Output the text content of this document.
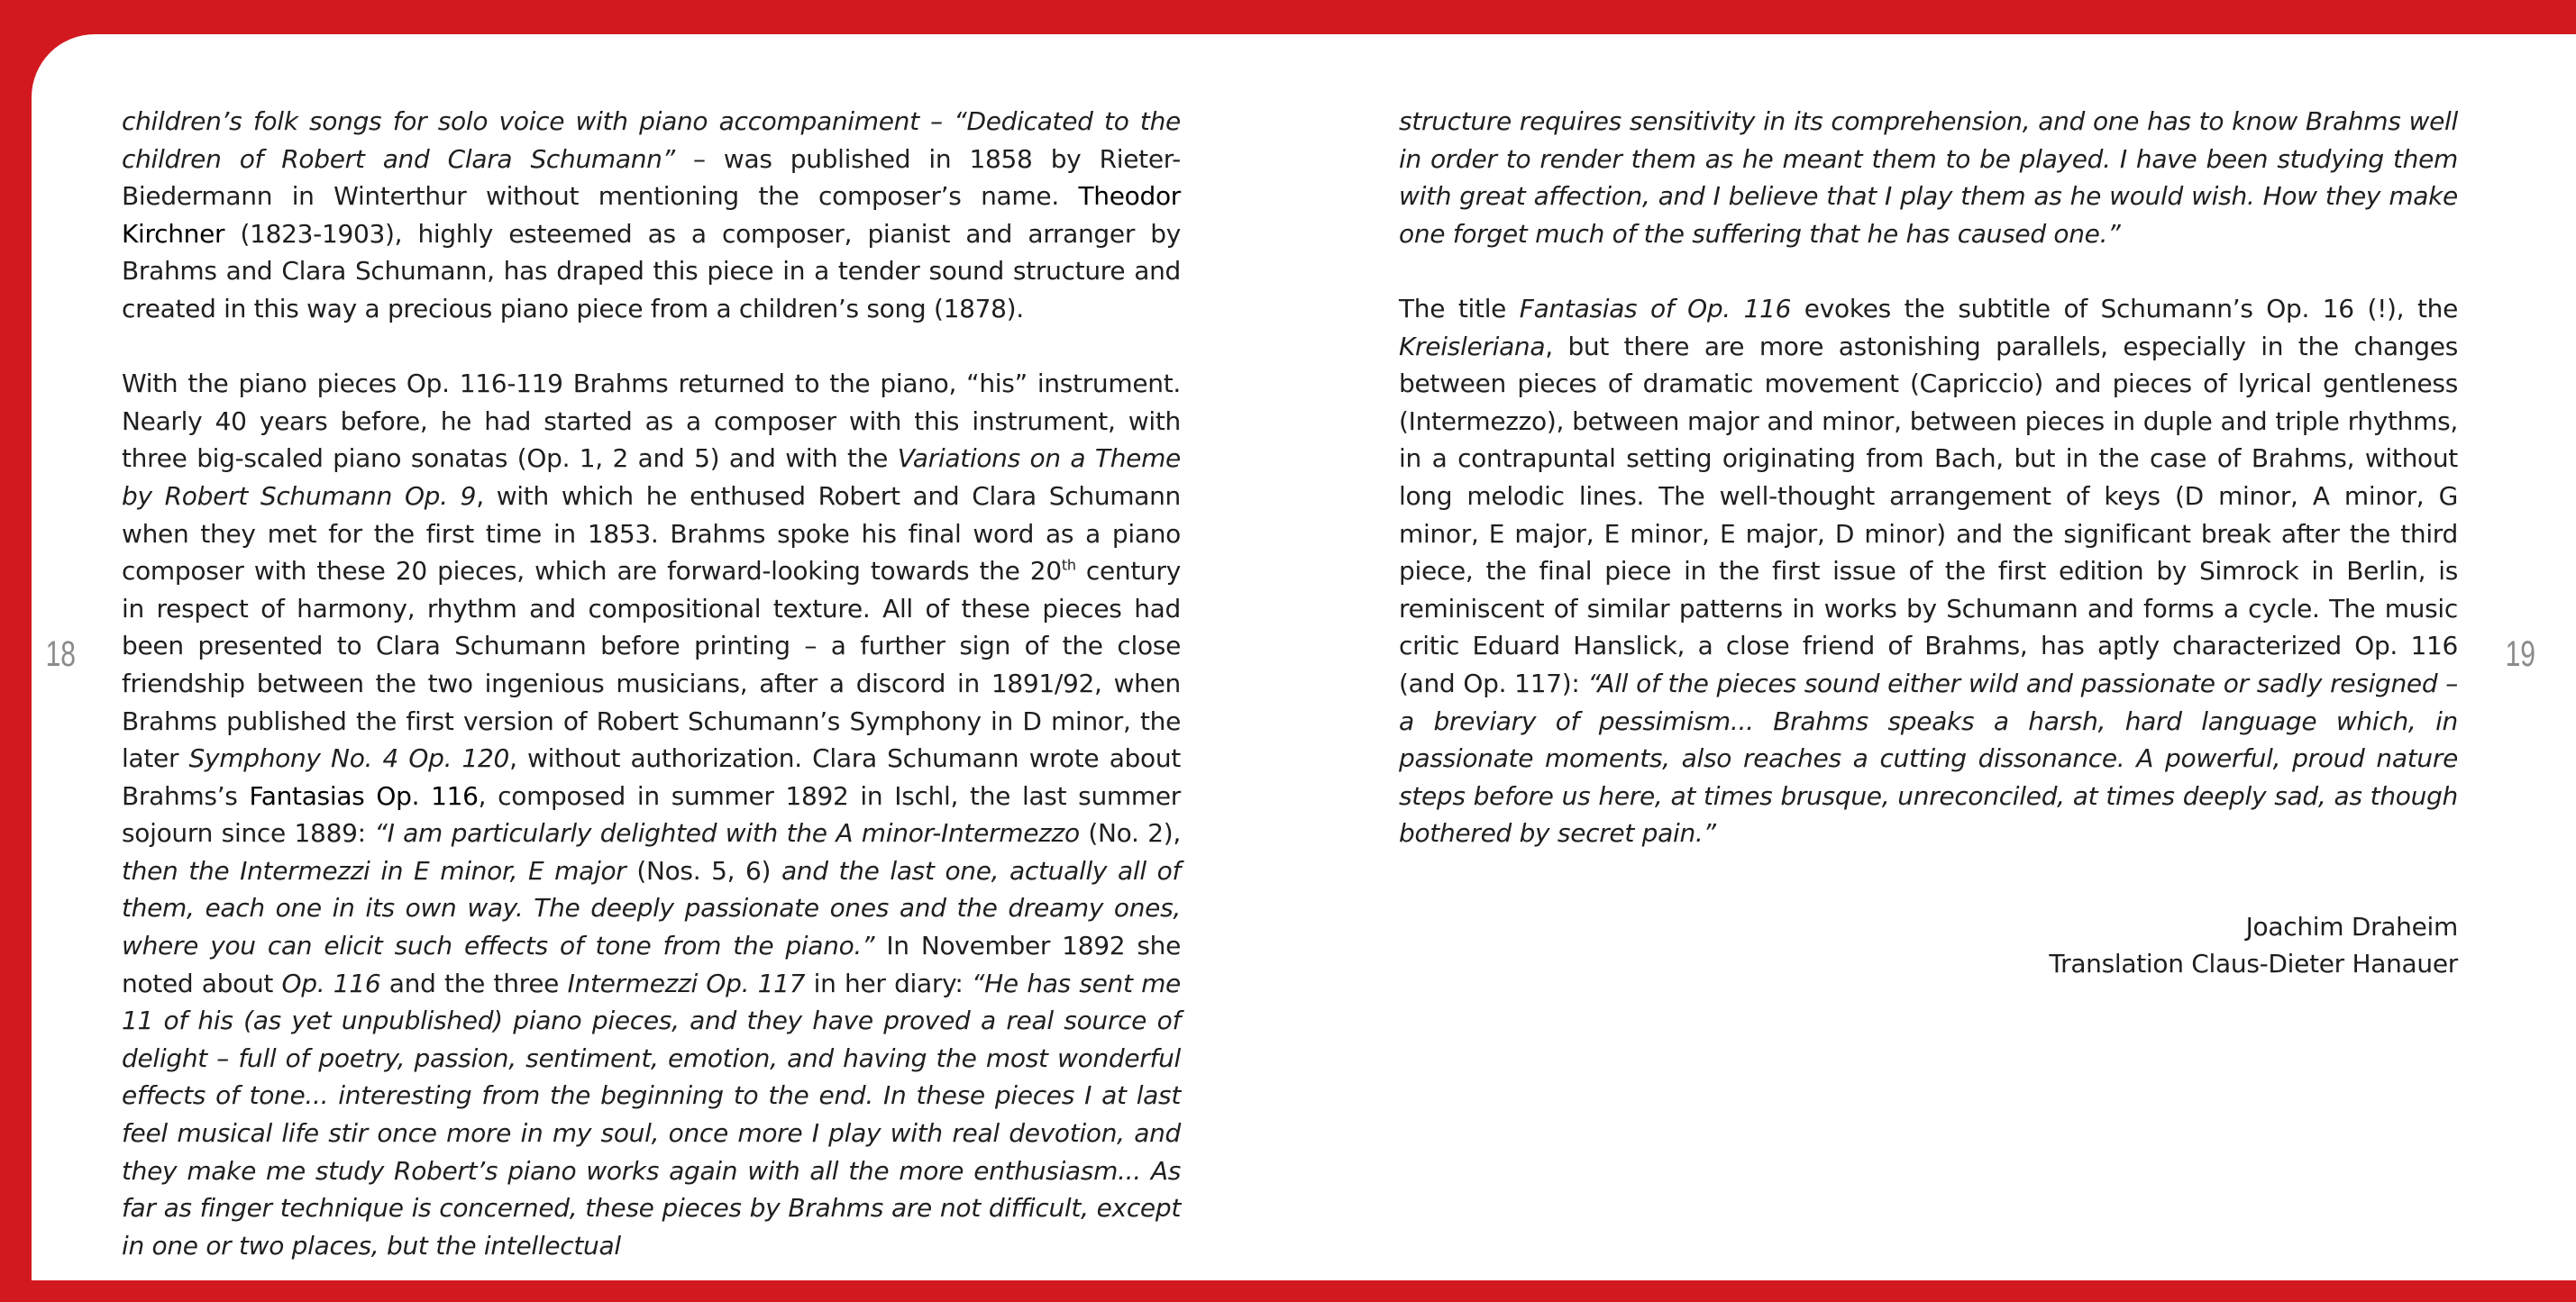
18	19

children’s folk songs for solo voice with piano accompaniment – “Dedicated to the children of Robert and Clara Schumann” – was published in 1858 by Rieter-Biedermann in Winterthur without mentioning the composer’s name. Theodor Kirchner (1823-1903), highly esteemed as a composer, pianist and arranger by Brahms and Clara Schumann, has draped this piece in a tender sound structure and created in this way a precious piano piece from a children’s song (1878).

With the piano pieces Op. 116-119 Brahms returned to the piano, “his” instrument. Nearly 40 years before, he had started as a composer with this instrument, with three big-scaled piano sonatas (Op. 1, 2 and 5) and with the Variations on a Theme by Robert Schumann Op. 9, with which he enthused Robert and Clara Schumann when they met for the first time in 1853. Brahms spoke his final word as a piano composer with these 20 pieces, which are forward-looking towards the 20th century in respect of harmony, rhythm and compositional texture. All of these pieces had been presented to Clara Schumann before printing – a further sign of the close friendship between the two ingenious musicians, after a discord in 1891/92, when Brahms published the first version of Robert Schumann’s Symphony in D minor, the later Symphony No. 4 Op. 120, without authorization. Clara Schumann wrote about Brahms’s Fantasias Op. 116, composed in summer 1892 in Ischl, the last summer sojourn since 1889: “I am particularly delighted with the A minor-Intermezzo (No. 2), then the Intermezzi in E minor, E major (Nos. 5, 6) and the last one, actually all of them, each one in its own way. The deeply passionate ones and the dreamy ones, where you can elicit such effects of tone from the piano.” In November 1892 she noted about Op. 116 and the three Intermezzi Op. 117 in her diary: “He has sent me 11 of his (as yet unpublished) piano pieces, and they have proved a real source of delight – full of poetry, passion, sentiment, emotion, and having the most wonderful effects of tone... interesting from the beginning to the end. In these pieces I at last feel musical life stir once more in my soul, once more I play with real devotion, and they make me study Robert’s piano works again with all the more enthusiasm... As far as finger technique is concerned, these pieces by Brahms are not difficult, except in one or two places, but the intellectual

structure requires sensitivity in its comprehension, and one has to know Brahms well in order to render them as he meant them to be played. I have been studying them with great affection, and I believe that I play them as he would wish. How they make one forget much of the suffering that he has caused one.”

The title Fantasias of Op. 116 evokes the subtitle of Schumann’s Op. 16 (!), the Kreisleriana, but there are more astonishing parallels, especially in the changes between pieces of dramatic movement (Capriccio) and pieces of lyrical gentleness (Intermezzo), between major and minor, between pieces in duple and triple rhythms, in a contrapuntal setting originating from Bach, but in the case of Brahms, without long melodic lines. The well-thought arrangement of keys (D minor, A minor, G minor, E major, E minor, E major, D minor) and the significant break after the third piece, the final piece in the first issue of the first edition by Simrock in Berlin, is reminiscent of similar patterns in works by Schumann and forms a cycle. The music critic Eduard Hanslick, a close friend of Brahms, has aptly characterized Op. 116 (and Op. 117): “All of the pieces sound either wild and passionate or sadly resigned – a breviary of pessimism... Brahms speaks a harsh, hard language which, in passionate moments, also reaches a cutting dissonance. A powerful, proud nature steps before us here, at times brusque, unreconciled, at times deeply sad, as though bothered by secret pain.”

Joachim Draheim
Translation Claus-Dieter Hanauer
